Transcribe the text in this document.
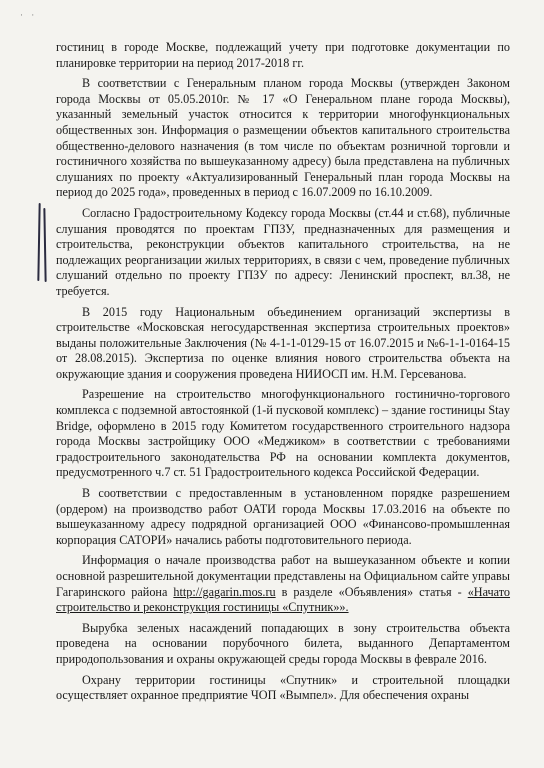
· ·

гостиниц в городе Москве, подлежащий учету при подготовке документации по планировке территории на период 2017-2018 гг.

В соответствии с Генеральным планом города Москвы (утвержден Законом города Москвы от 05.05.2010г. № 17 «О Генеральном плане города Москвы), указанный земельный участок относится к территории многофункциональных общественных зон. Информация о размещении объектов капитального строительства общественно-делового назначения (в том числе по объектам розничной торговли и гостиничного хозяйства по вышеуказанному адресу) была представлена на публичных слушаниях по проекту «Актуализированный Генеральный план города Москвы на период до 2025 года», проведенных в период с 16.07.2009 по 16.10.2009.

Согласно Градостроительному Кодексу города Москвы (ст.44 и ст.68), публичные слушания проводятся по проектам ГПЗУ, предназначенных для размещения и строительства, реконструкции объектов капитального строительства, на не подлежащих реорганизации жилых территориях, в связи с чем, проведение публичных слушаний отдельно по проекту ГПЗУ по адресу: Ленинский проспект, вл.38, не требуется.

В 2015 году Национальным объединением организаций экспертизы в строительстве «Московская негосударственная экспертиза строительных проектов» выданы положительные Заключения (№ 4-1-1-0129-15 от 16.07.2015 и №6-1-1-0164-15 от 28.08.2015). Экспертиза по оценке влияния нового строительства объекта на окружающие здания и сооружения проведена НИИОСП им. Н.М. Герсеванова.

Разрешение на строительство многофункционального гостинично-торгового комплекса с подземной автостоянкой (1-й пусковой комплекс) – здание гостиницы Stay Bridge, оформлено в 2015 году Комитетом государственного строительного надзора города Москвы застройщику ООО «Меджиком» в соответствии с требованиями градостроительного законодательства РФ на основании комплекта документов, предусмотренного ч.7 ст. 51 Градостроительного кодекса Российской Федерации.

В соответствии с предоставленным в установленном порядке разрешением (ордером) на производство работ ОАТИ города Москвы 17.03.2016 на объекте по вышеуказанному адресу подрядной организацией ООО «Финансово-промышленная корпорация САТОРИ» начались работы подготовительного периода.

Информация о начале производства работ на вышеуказанном объекте и копии основной разрешительной документации представлены на Официальном сайте управы Гагаринского района http://gagarin.mos.ru в разделе «Объявления» статья - «Начато строительство и реконструкция гостиницы «Спутник»».

Вырубка зеленых насаждений попадающих в зону строительства объекта проведена на основании порубочного билета, выданного Департаментом природопользования и охраны окружающей среды города Москвы в феврале 2016.

Охрану территории гостиницы «Спутник» и строительной площадки осуществляет охранное предприятие ЧОП «Вымпел». Для обеспечения охраны
